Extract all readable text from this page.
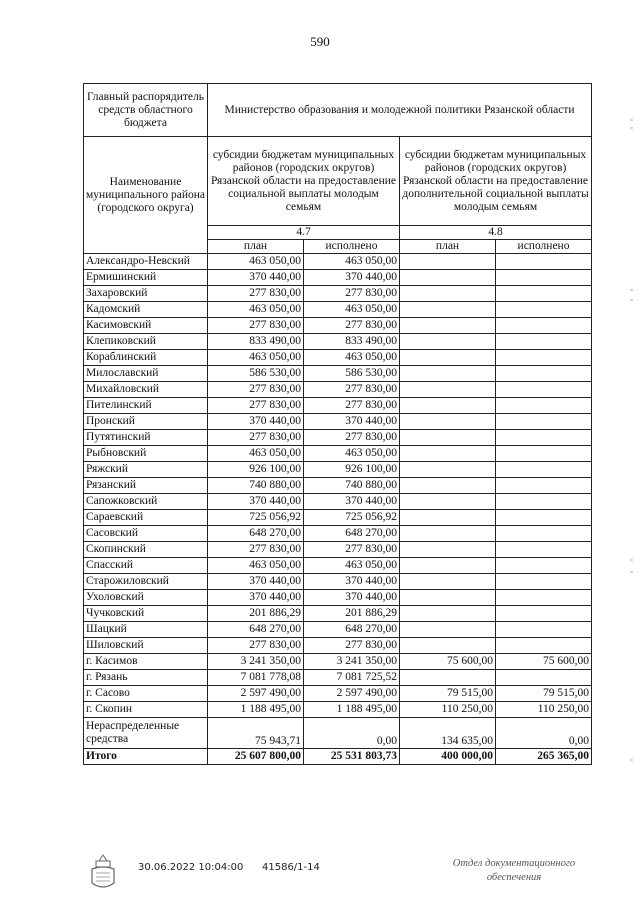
590
Главный распорядитель средств областного бюджета	Министерство образования и молодежной политики Рязанской области			
Наименование муниципального района (городского округа)	субсидии бюджетам муниципальных районов (городских округов) Рязанской области на предоставление социальной выплаты молодым семьям		субсидии бюджетам муниципальных районов (городских округов) Рязанской области на предоставление дополнительной социальной выплаты молодым семьям	
	4.7		4.8	
	план	исполнено	план	исполнено
Александро-Невский	463 050,00	463 050,00		
Ермишинский	370 440,00	370 440,00		
Захаровский	277 830,00	277 830,00		
Кадомский	463 050,00	463 050,00		
Касимовский	277 830,00	277 830,00		
Клепиковский	833 490,00	833 490,00		
Кораблинский	463 050,00	463 050,00		
Милославский	586 530,00	586 530,00		
Михайловский	277 830,00	277 830,00		
Пителинский	277 830,00	277 830,00		
Пронский	370 440,00	370 440,00		
Путятинский	277 830,00	277 830,00		
Рыбновский	463 050,00	463 050,00		
Ряжский	926 100,00	926 100,00		
Рязанский	740 880,00	740 880,00		
Сапожковский	370 440,00	370 440,00		
Сараевский	725 056,92	725 056,92		
Сасовский	648 270,00	648 270,00		
Скопинский	277 830,00	277 830,00		
Спасский	463 050,00	463 050,00		
Старожиловский	370 440,00	370 440,00		
Ухоловский	370 440,00	370 440,00		
Чучковский	201 886,29	201 886,29		
Шацкий	648 270,00	648 270,00		
Шиловский	277 830,00	277 830,00		
г. Касимов	3 241 350,00	3 241 350,00	75 600,00	75 600,00
г. Рязань	7 081 778,08	7 081 725,52		
г. Сасово	2 597 490,00	2 597 490,00	79 515,00	79 515,00
г. Скопин	1 188 495,00	1 188 495,00	110 250,00	110 250,00
Нераспределенные средства	75 943,71	0,00	134 635,00	0,00
Итого	25 607 800,00	25 531 803,73	400 000,00	265 365,00
30.06.2022 10:04:00 41586/1-14	Отдел документационного
обеспечения
